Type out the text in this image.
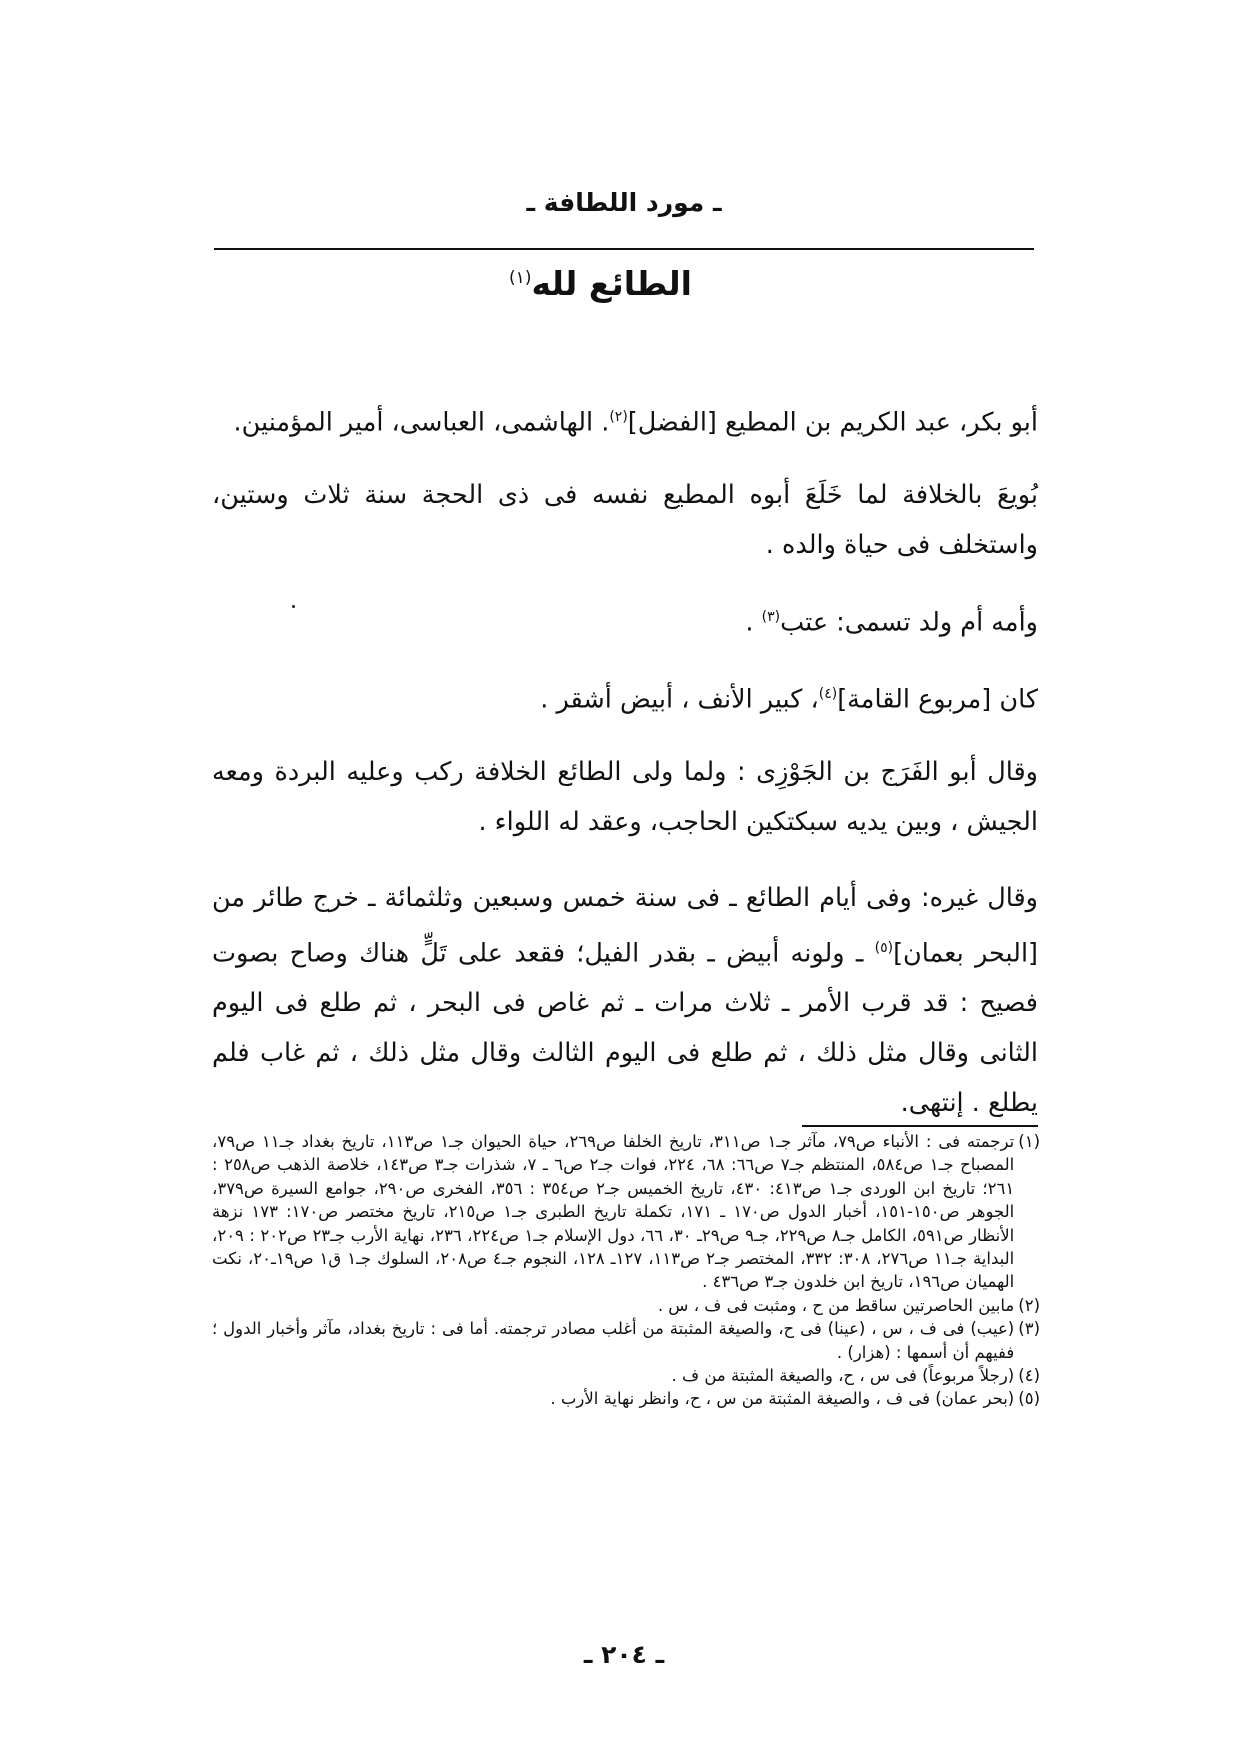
ـ مورد اللطافة ـ
الطائع لله$^{(١)}$

أبو بكر، عبد الكريم بن المطيع [الفضل]$^{(٢)}$. الهاشمى، العباسى، أمير المؤمنين.

بُويعَ بالخلافة لما خَلَعَ أبوه المطيع نفسه فى ذى الحجة سنة ثلاث وستين، واستخلف فى حياة والده .

وأمه أم ولد تسمى: عتب$^{(٣)}$ .

كان [مربوع القامة]$^{(٤)}$، كبير الأنف ، أبيض أشقر .

وقال أبو الفَرَج بن الجَوْزِى : ولما ولى الطائع الخلافة ركب وعليه البردة ومعه الجيش ، وبين يديه سبكتكين الحاجب، وعقد له اللواء .

وقال غيره: وفى أيام الطائع ـ فى سنة خمس وسبعين وثلثمائة ـ خرج طائر من [البحر بعمان]$^{(٥)}$ ـ ولونه أبيض ـ بقدر الفيل؛ فقعد على تَلٍّ هناك وصاح بصوت فصيح : قد قرب الأمر ـ ثلاث مرات ـ ثم غاص فى البحر ، ثم طلع فى اليوم الثانى وقال مثل ذلك ، ثم طلع فى اليوم الثالث وقال مثل ذلك ، ثم غاب فلم يطلع . إنتهى.

(١)
ترجمته فى : الأنباء ص٧٩، مآثر جـ١ ص٣١١، تاريخ الخلفا ص٢٦٩، حياة الحيوان جـ١ ص١١٣، تاريخ بغداد جـ١١ ص٧٩، المصباح جـ١ ص٥٨٤، المنتظم جـ٧ ص٦٦: ٦٨، ٢٢٤، فوات جـ٢ ص٦ ـ ٧، شذرات جـ٣ ص١٤٣، خلاصة الذهب ص٢٥٨ : ٢٦١؛ تاريخ ابن الوردى جـ١ ص٤١٣: ٤٣٠، تاريخ الخميس جـ٢ ص٣٥٤ : ٣٥٦، الفخرى ص٢٩٠، جوامع السيرة ص٣٧٩، الجوهر ص١٥٠-١٥١، أخبار الدول ص١٧٠ ـ ١٧١، تكملة تاريخ الطبرى جـ١ ص٢١٥، تاريخ مختصر ص١٧٠: ١٧٣ نزهة الأنظار ص٥٩١، الكامل جـ٨ ص٢٢٩، جـ٩ ص٢٩ـ ٣٠، ٦٦، دول الإسلام جـ١ ص٢٢٤، ٢٣٦، نهاية الأرب جـ٢٣ ص٢٠٢ : ٢٠٩، البداية جـ١١ ص٢٧٦، ٣٠٨: ٣٣٢، المختصر جـ٢ ص١١٣، ١٢٧ـ ١٢٨، النجوم جـ٤ ص٢٠٨، السلوك جـ١ ق١ ص١٩ـ٢٠، نكت الهميان ص١٩٦، تاريخ ابن خلدون جـ٣ ص٤٣٦ .

(٢)
مابين الحاصرتين ساقط من ح ، ومثبت فى ف ، س .

(٣)
(عيب) فى ف ، س ، (عينا) فى ح، والصيغة المثبتة من أغلب مصادر ترجمته. أما فى : تاريخ بغداد، مآثر وأخبار الدول ؛ ففيهم أن أسمها : (هزار) .

(٤)
(رجلاً مربوعاً) فى س ، ح، والصيغة المثبتة من ف .

(٥)
(بحر عمان) فى ف ، والصيغة المثبتة من س ، ح، وانظر نهاية الأرب .

ـ ٢٠٤ ـ
